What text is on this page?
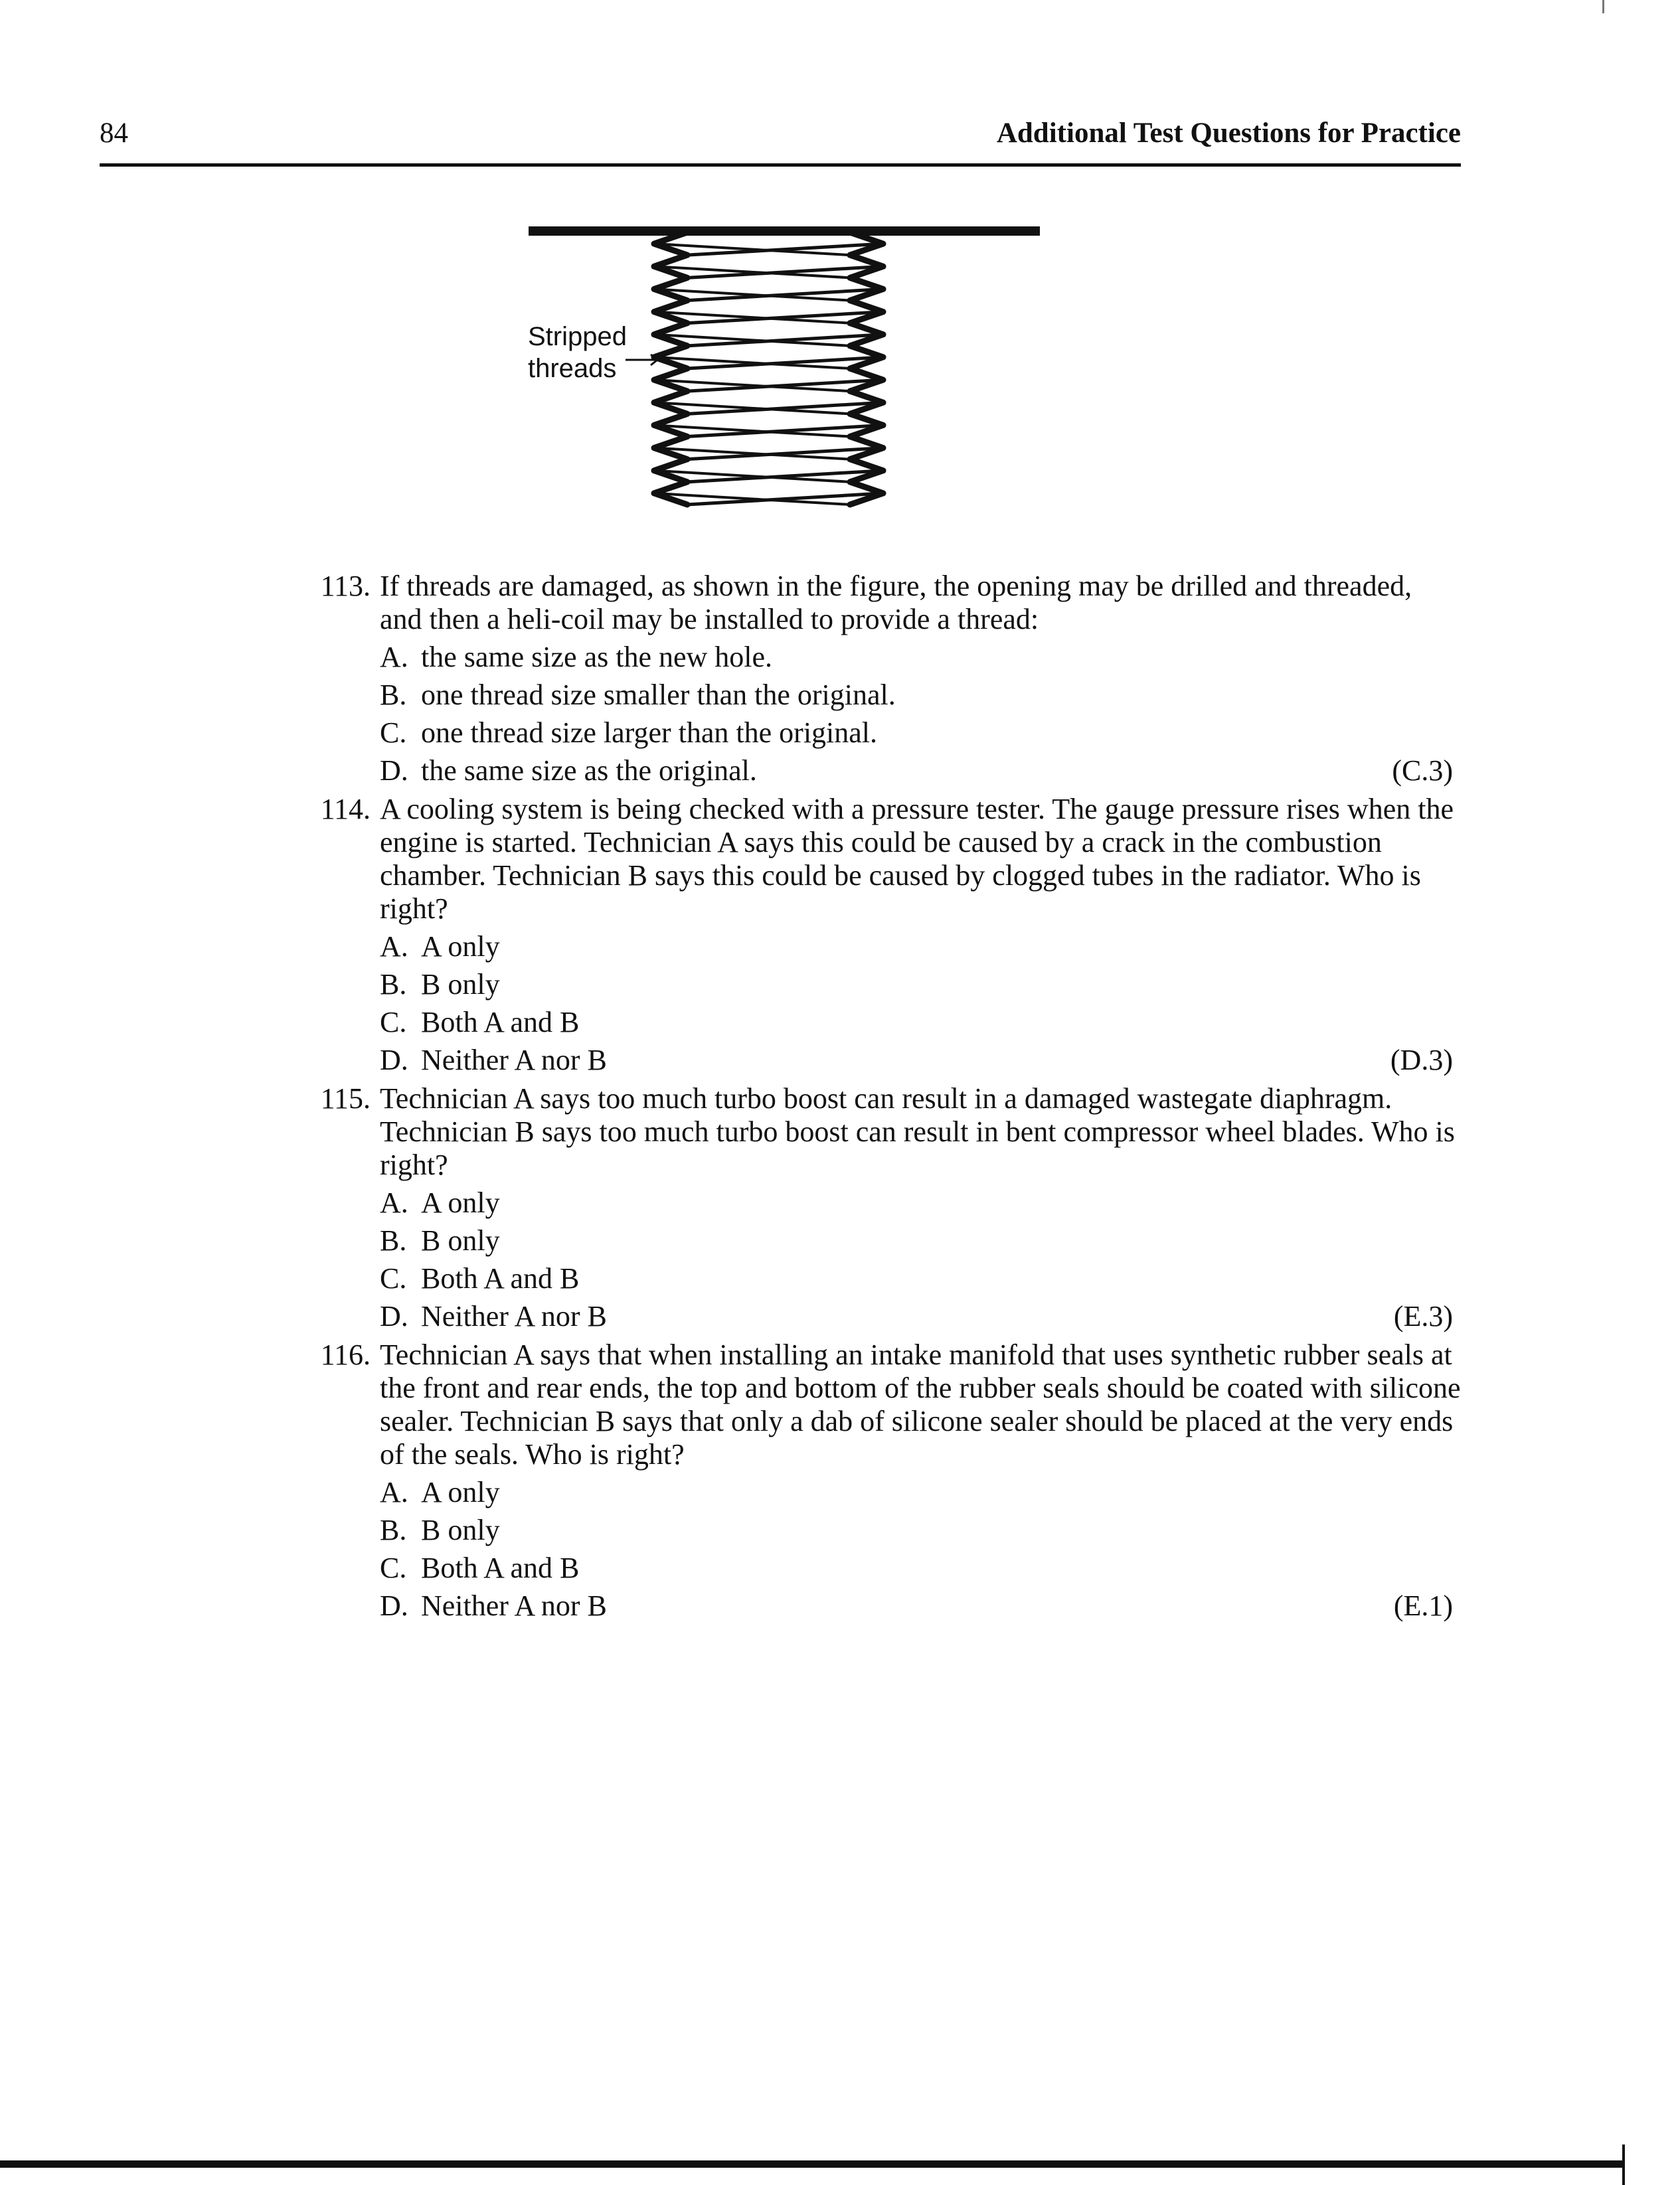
84	Additional Test Questions for Practice
Stripped
threads
113. If threads are damaged, as shown in the figure, the opening may be drilled and threaded, and then a heli-coil may be installed to provide a thread:
A. the same size as the new hole.
B. one thread size smaller than the original.
C. one thread size larger than the original.
D. the same size as the original.	(C.3)
114. A cooling system is being checked with a pressure tester. The gauge pressure rises when the engine is started. Technician A says this could be caused by a crack in the combustion chamber. Technician B says this could be caused by clogged tubes in the radiator. Who is right?
A. A only
B. B only
C. Both A and B
D. Neither A nor B	(D.3)
115. Technician A says too much turbo boost can result in a damaged wastegate diaphragm. Technician B says too much turbo boost can result in bent compressor wheel blades. Who is right?
A. A only
B. B only
C. Both A and B
D. Neither A nor B	(E.3)
116. Technician A says that when installing an intake manifold that uses synthetic rubber seals at the front and rear ends, the top and bottom of the rubber seals should be coated with silicone sealer. Technician B says that only a dab of silicone sealer should be placed at the very ends of the seals. Who is right?
A. A only
B. B only
C. Both A and B
D. Neither A nor B	(E.1)
